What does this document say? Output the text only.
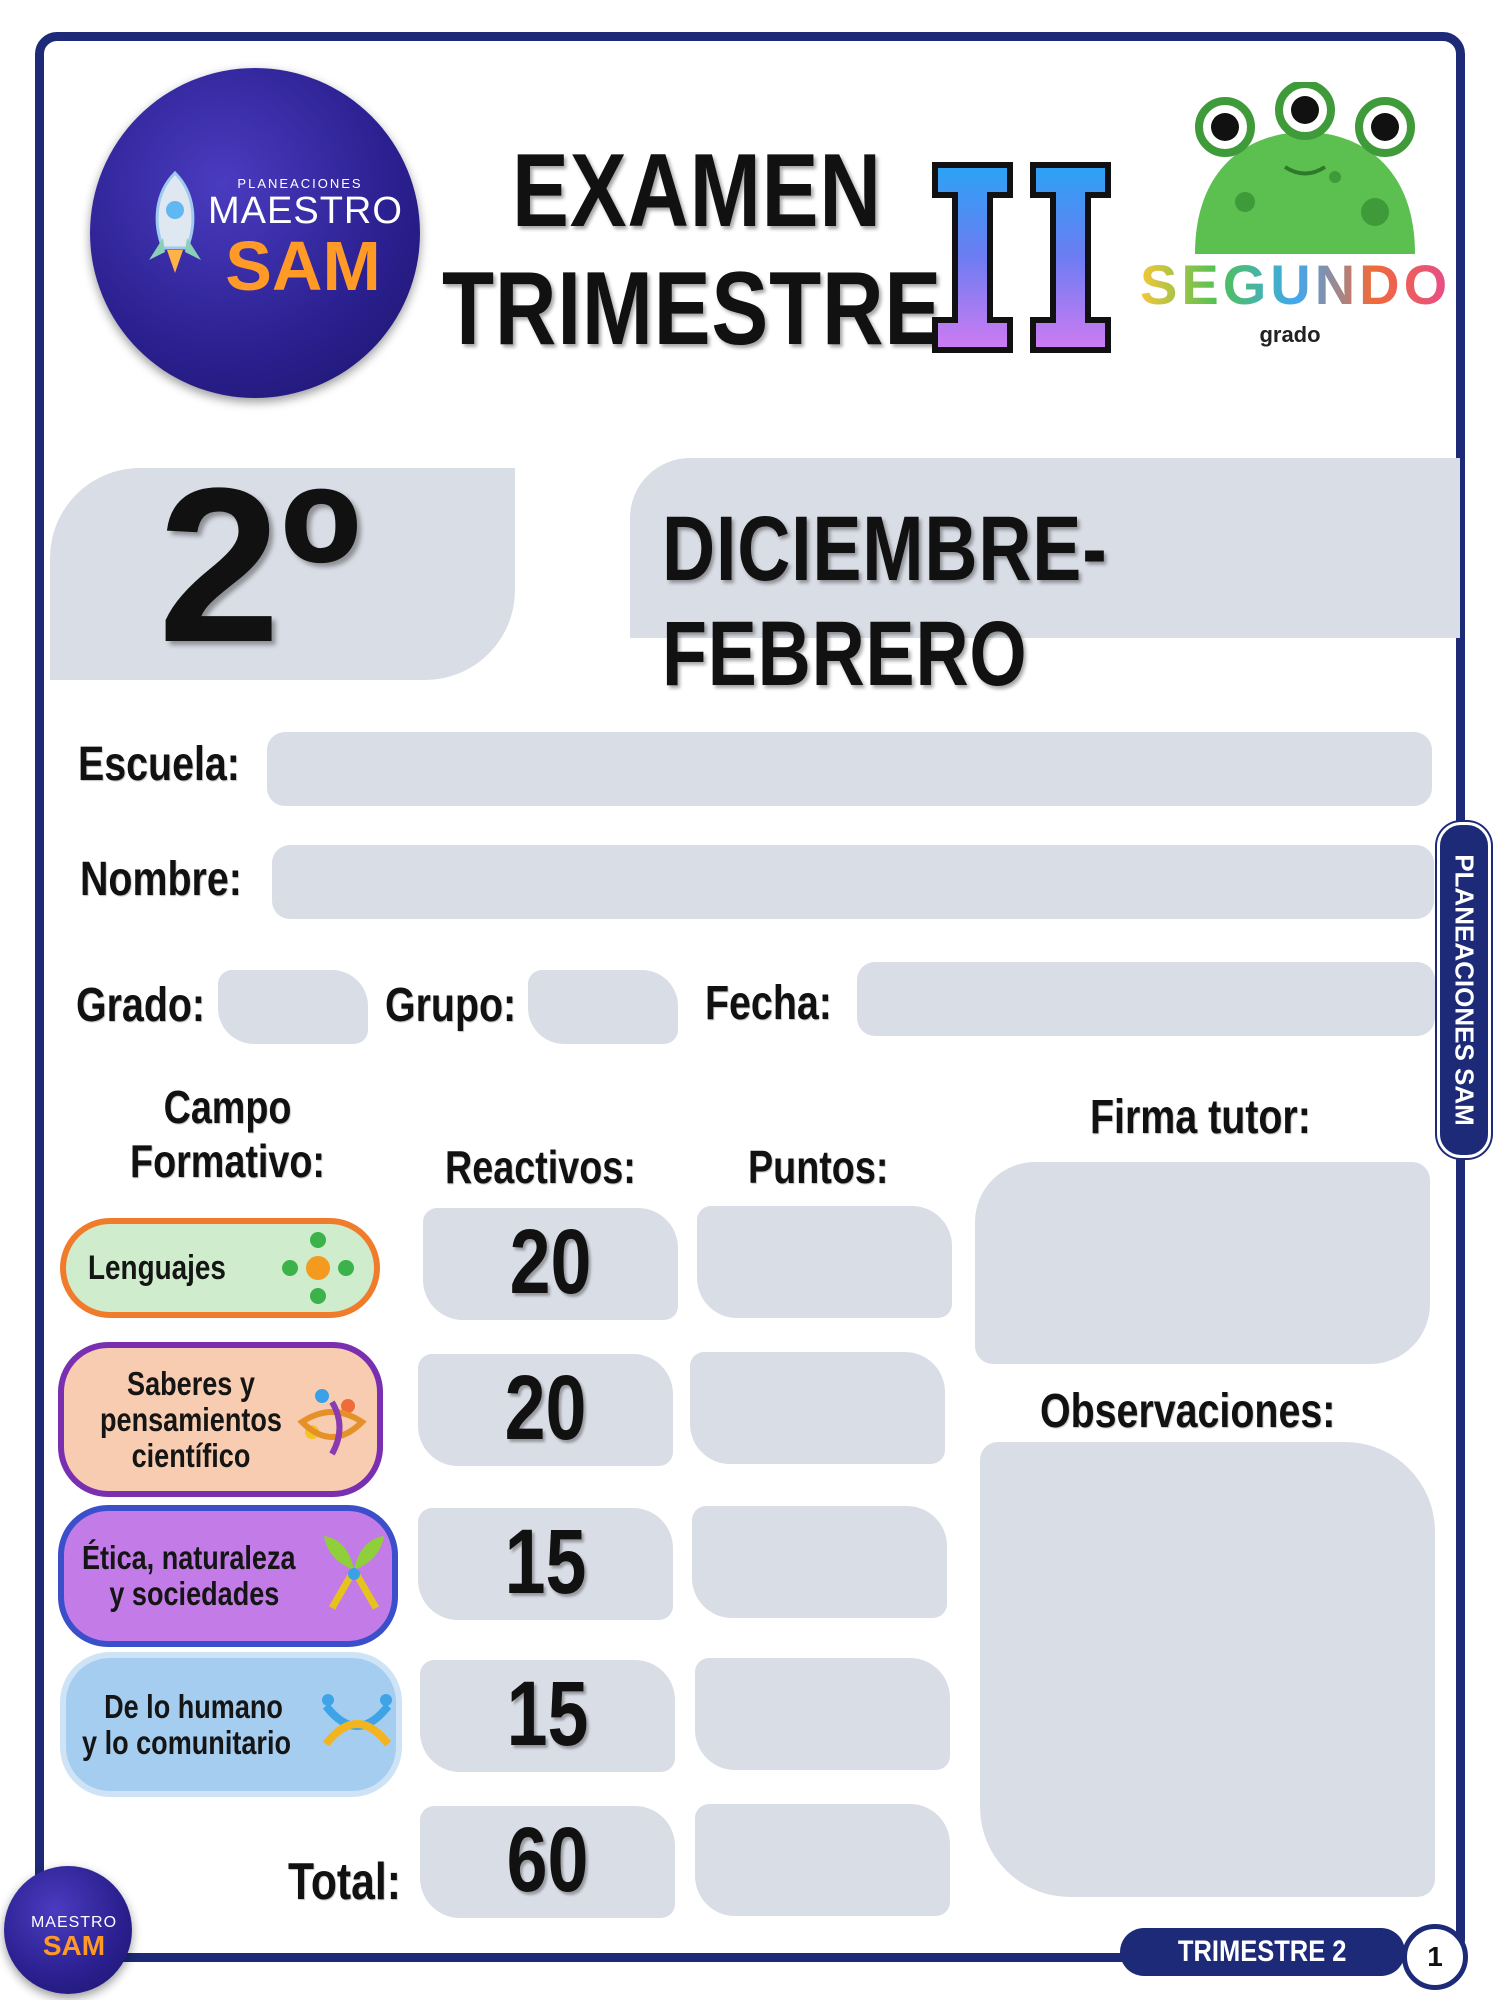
PLANEACIONES
MAESTRO
SAM
EXAMEN
TRIMESTRE	II SEGUNDO
grado
2º	DICIEMBRE-FEBRERO
Escuela:
Nombre:
Grado:	Grupo:	Fecha:
Campo
Formativo:	Reactivos: Puntos:
Lenguajes	20
Saberes y
pensamientos
científico	20
Ética, naturaleza
y sociedades	15
De lo humano
y lo comunitario	15
Total:	60
Firma tutor:
Observaciones:
PLANEACIONES SAM
TRIMESTRE 2	1
MAESTRO
SAM
